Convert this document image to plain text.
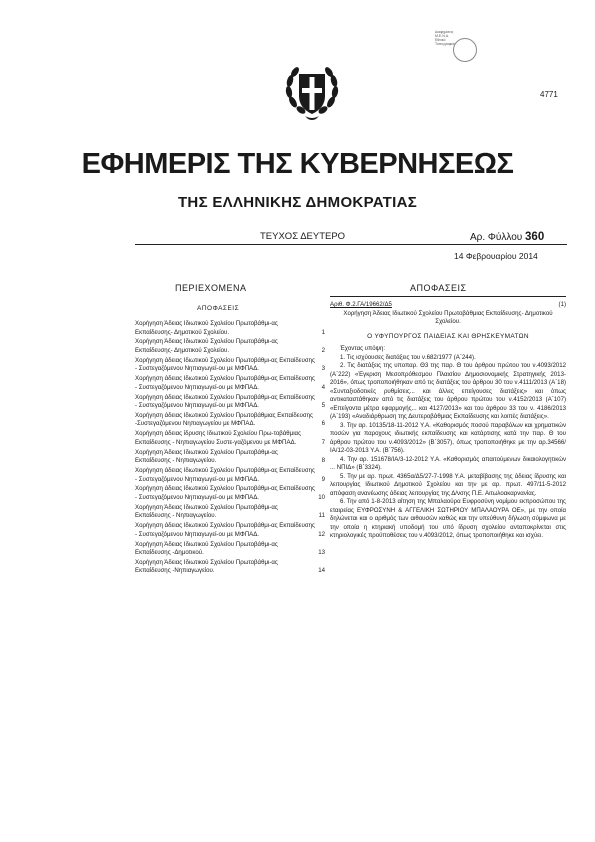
Διαφημίσεις
Μ.Ε.Ν.Α.
Εθνικό
Τυπογραφείο
4771
ΕΦΗΜΕΡΙΣ ΤΗΣ ΚΥΒΕΡΝΗΣΕΩΣ
ΤΗΣ ΕΛΛΗΝΙΚΗΣ ΔΗΜΟΚΡΑΤΙΑΣ
ΤΕΥΧΟΣ ΔΕΥΤΕΡΟ	Αρ. Φύλλου 360
14 Φεβρουαρίου 2014
ΠΕΡΙΕΧΟΜΕΝΑ
ΑΠΟΦΑΣΕΙΣ
Χορήγηση Άδειας Ιδιωτικού Σχολείου Πρωτοβάθμι-ας Εκπαίδευσης- Δημοτικού Σχολείου.	1
Χορήγηση Άδειας Ιδιωτικού Σχολείου Πρωτοβάθμι-ας Εκπαίδευσης- Δημοτικού Σχολείου.	2
Χορήγηση άδειας Ιδιωτικού Σχολείου Πρωτοβάθμι-ας Εκπαίδευσης - Συστεγαζόμενου Νηπιαγωγεί-ου με ΜΦΠΑΔ.	3
Χορήγηση άδειας Ιδιωτικού Σχολείου Πρωτοβάθμι-ας Εκπαίδευσης - Συστεγαζόμενου Νηπιαγωγεί-ου με ΜΦΠΑΔ.	4
Χορήγηση άδειας Ιδιωτικού Σχολείου Πρωτοβάθμι-ας Εκπαίδευσης - Συστεγαζόμενου Νηπιαγωγεί-ου με ΜΦΠΑΔ.	5
Χορήγηση άδειας Ιδιωτικού Σχολείου Πρωτοβάθμιας Εκπαίδευσης -Συστεγαζόμενου Νηπιαγωγείου με ΜΦΠΑΔ.	6
Χορήγηση άδειας ίδρυσης Ιδιωτικού Σχολείου Πρω-τοβάθμιας Εκπαίδευσης - Νηπιαγωγείου Συστε-γαζόμενου με ΜΦΠΑΔ.	7
Χορήγηση Άδειας Ιδιωτικού Σχολείου Πρωτοβάθμι-ας Εκπαίδευσης - Νηπιαγωγείου.	8
Χορήγηση άδειας Ιδιωτικού Σχολείου Πρωτοβάθμι-ας Εκπαίδευσης - Συστεγαζόμενου Νηπιαγωγεί-ου με ΜΦΠΑΔ.	9
Χορήγηση άδειας Ιδιωτικού Σχολείου Πρωτοβάθμι-ας Εκπαίδευσης - Συστεγαζόμενου Νηπιαγωγεί-ου με ΜΦΠΑΔ.	10
Χορήγηση Άδειας Ιδιωτικού Σχολείου Πρωτοβάθμι-ας Εκπαίδευσης - Νηπιαγωγείου.	11
Χορήγηση άδειας Ιδιωτικού Σχολείου Πρωτοβάθμι-ας Εκπαίδευσης - Συστεγαζόμενου Νηπιαγωγεί-ου με ΜΦΠΑΔ.	12
Χορήγηση Άδειας Ιδιωτικού Σχολείου Πρωτοβάθμι-ας Εκπαίδευσης -Δημοτικού.	13
Χορήγηση Άδειας Ιδιωτικού Σχολείου Πρωτοβάθμι-ας Εκπαίδευσης -Νηπιαγωγείου.	14
ΑΠΟΦΑΣΕΙΣ
Αριθ. Φ.2.ΓΑ/19662/Δ5	(1)

Χορήγηση Άδειας Ιδιωτικού Σχολείου Πρωτοβάθμιας Εκπαίδευσης- Δημοτικού Σχολείου.

Ο ΥΦΥΠΟΥΡΓΟΣ ΠΑΙΔΕΙΑΣ ΚΑΙ ΘΡΗΣΚΕΥΜΑΤΩΝ

Έχοντας υπόψη:

1. Τις ισχύουσες διατάξεις του ν.682/1977 (Α΄244).

2. Τις διατάξεις της υποπαρ. Θ3 της παρ. Θ του άρθρου πρώτου του ν.4093/2012 (Α΄222) «Έγκριση Μεσοπρόθεσμου Πλαισίου Δημοσιονομικής Στρατηγικής 2013-2016», όπως τροποποιήθηκαν από τις διατάξεις του άρθρου 30 του ν.4111/2013 (Α΄18) «Συνταξιοδοτικές ρυθμίσεις... και άλλες επείγουσες διατάξεις» και όπως αντικαταστάθηκαν από τις διατάξεις του άρθρου πρώτου του ν.4152/2013 (Α΄107) «Επείγοντα μέτρα εφαρμογής... και 4127/2013» και του άρθρου 33 του ν. 4186/2013 (Α΄193) «Αναδιάρθρωση της Δευτεροβάθμιας Εκπαίδευσης και λοιπές διατάξεις».

3. Την αρ. 10135/18-11-2012 Υ.Α. «Καθορισμός ποσού παραβόλων και χρηματικών ποσών για παροχους ιδιωτικής εκπαίδευσης και κατάρτισης κατά την παρ. Θ του άρθρου πρώτου του ν.4093/2012» (Β΄3057), όπως τροποποιήθηκε με την αρ.34566/ΙΑ/12-03-2013 Υ.Α. (Β΄756).

4. Την αρ. 151678/ΙΑ/3-12-2012 Υ.Α. «Καθορισμός απαιτούμενων δικαιολογητικών ... ΝΠΙΔ» (Β΄3324).

5. Την με αρ. πρωτ. 4365α/Δ5/27-7-1998 Υ.Α. μεταβίβασης της άδειας ίδρυσης και λειτουργίας Ιδιωτικού Δημοτικού Σχολείου και την με αρ. πρωτ. 497/11-5-2012 απόφαση ανανέωσης άδειας λειτουργίας της Δ/νσης Π.Ε. Αιτωλοακαρνανίας.

6. Την από 1-8-2013 αίτηση της Μπαλαούρα Ευφροσύνη νομίμου εκπροσώπου της εταιρείας ΕΥΦΡΟΣΥΝΗ & ΑΓΓΕΛΙΚΗ ΣΩΤΗΡΙΟΥ ΜΠΑΛΑΟΥΡΑ ΟΕ», με την οποία δηλώνεται και ο αριθμός των αιθουσών καθώς και την υπεύθυνη δήλωση σύμφωνα με την οποία η κτηριακή υποδομή του υπό ίδρυση σχολείου ανταποκρίνεται στις κτηριολογικές προϋποθέσεις του ν.4093/2012, όπως τροποποιήθηκε και ισχύει.
